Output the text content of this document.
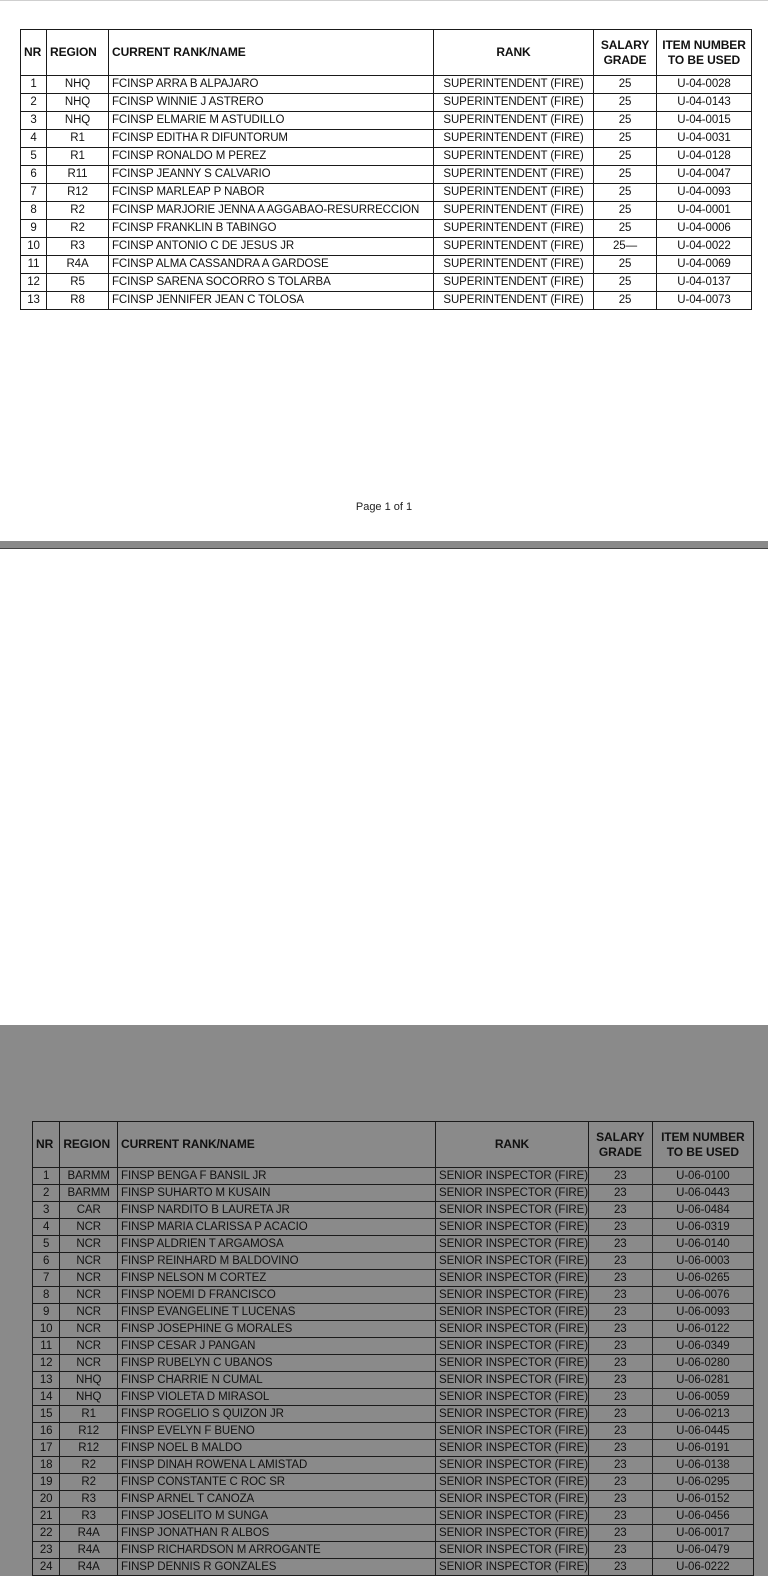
NR	REGION	CURRENT RANK/NAME	RANK	SALARY GRADE	ITEM NUMBER TO BE USED
1	NHQ	FCINSP ARRA B ALPAJARO	SUPERINTENDENT (FIRE)	25	U-04-0028
2	NHQ	FCINSP WINNIE J ASTRERO	SUPERINTENDENT (FIRE)	25	U-04-0143
3	NHQ	FCINSP ELMARIE M ASTUDILLO	SUPERINTENDENT (FIRE)	25	U-04-0015
4	R1	FCINSP EDITHA R DIFUNTORUM	SUPERINTENDENT (FIRE)	25	U-04-0031
5	R1	FCINSP RONALDO M PEREZ	SUPERINTENDENT (FIRE)	25	U-04-0128
6	R11	FCINSP JEANNY S CALVARIO	SUPERINTENDENT (FIRE)	25	U-04-0047
7	R12	FCINSP MARLEAP P NABOR	SUPERINTENDENT (FIRE)	25	U-04-0093
8	R2	FCINSP MARJORIE JENNA A AGGABAO-RESURRECCION	SUPERINTENDENT (FIRE)	25	U-04-0001
9	R2	FCINSP FRANKLIN B TABINGO	SUPERINTENDENT (FIRE)	25	U-04-0006
10	R3	FCINSP ANTONIO C DE JESUS JR	SUPERINTENDENT (FIRE)	25—	U-04-0022
11	R4A	FCINSP ALMA CASSANDRA A GARDOSE	SUPERINTENDENT (FIRE)	25	U-04-0069
12	R5	FCINSP SARENA SOCORRO S TOLARBA	SUPERINTENDENT (FIRE)	25	U-04-0137
13	R8	FCINSP JENNIFER JEAN C TOLOSA	SUPERINTENDENT (FIRE)	25	U-04-0073
Page 1 of 1
NR	REGION	CURRENT RANK/NAME	RANK	SALARY GRADE	ITEM NUMBER TO BE USED
1	BARMM	FINSP BENGA F BANSIL JR	SENIOR INSPECTOR (FIRE)	23	U-06-0100
2	BARMM	FINSP SUHARTO M KUSAIN	SENIOR INSPECTOR (FIRE)	23	U-06-0443
3	CAR	FINSP NARDITO B LAURETA JR	SENIOR INSPECTOR (FIRE)	23	U-06-0484
4	NCR	FINSP MARIA CLARISSA P ACACIO	SENIOR INSPECTOR (FIRE)	23	U-06-0319
5	NCR	FINSP ALDRIEN T ARGAMOSA	SENIOR INSPECTOR (FIRE)	23	U-06-0140
6	NCR	FINSP REINHARD M BALDOVINO	SENIOR INSPECTOR (FIRE)	23	U-06-0003
7	NCR	FINSP NELSON M CORTEZ	SENIOR INSPECTOR (FIRE)	23	U-06-0265
8	NCR	FINSP NOEMI D FRANCISCO	SENIOR INSPECTOR (FIRE)	23	U-06-0076
9	NCR	FINSP EVANGELINE T LUCENAS	SENIOR INSPECTOR (FIRE)	23	U-06-0093
10	NCR	FINSP JOSEPHINE G MORALES	SENIOR INSPECTOR (FIRE)	23	U-06-0122
11	NCR	FINSP CESAR J PANGAN	SENIOR INSPECTOR (FIRE)	23	U-06-0349
12	NCR	FINSP RUBELYN C UBANOS	SENIOR INSPECTOR (FIRE)	23	U-06-0280
13	NHQ	FINSP CHARRIE N CUMAL	SENIOR INSPECTOR (FIRE)	23	U-06-0281
14	NHQ	FINSP VIOLETA D MIRASOL	SENIOR INSPECTOR (FIRE)	23	U-06-0059
15	R1	FINSP ROGELIO S QUIZON JR	SENIOR INSPECTOR (FIRE)	23	U-06-0213
16	R12	FINSP EVELYN F BUENO	SENIOR INSPECTOR (FIRE)	23	U-06-0445
17	R12	FINSP NOEL B MALDO	SENIOR INSPECTOR (FIRE)	23	U-06-0191
18	R2	FINSP DINAH ROWENA L AMISTAD	SENIOR INSPECTOR (FIRE)	23	U-06-0138
19	R2	FINSP CONSTANTE C ROC SR	SENIOR INSPECTOR (FIRE)	23	U-06-0295
20	R3	FINSP ARNEL T CANOZA	SENIOR INSPECTOR (FIRE)	23	U-06-0152
21	R3	FINSP JOSELITO M SUNGA	SENIOR INSPECTOR (FIRE)	23	U-06-0456
22	R4A	FINSP JONATHAN R ALBOS	SENIOR INSPECTOR (FIRE)	23	U-06-0017
23	R4A	FINSP RICHARDSON M ARROGANTE	SENIOR INSPECTOR (FIRE)	23	U-06-0479
24	R4A	FINSP DENNIS R GONZALES	SENIOR INSPECTOR (FIRE)	23	U-06-0222
